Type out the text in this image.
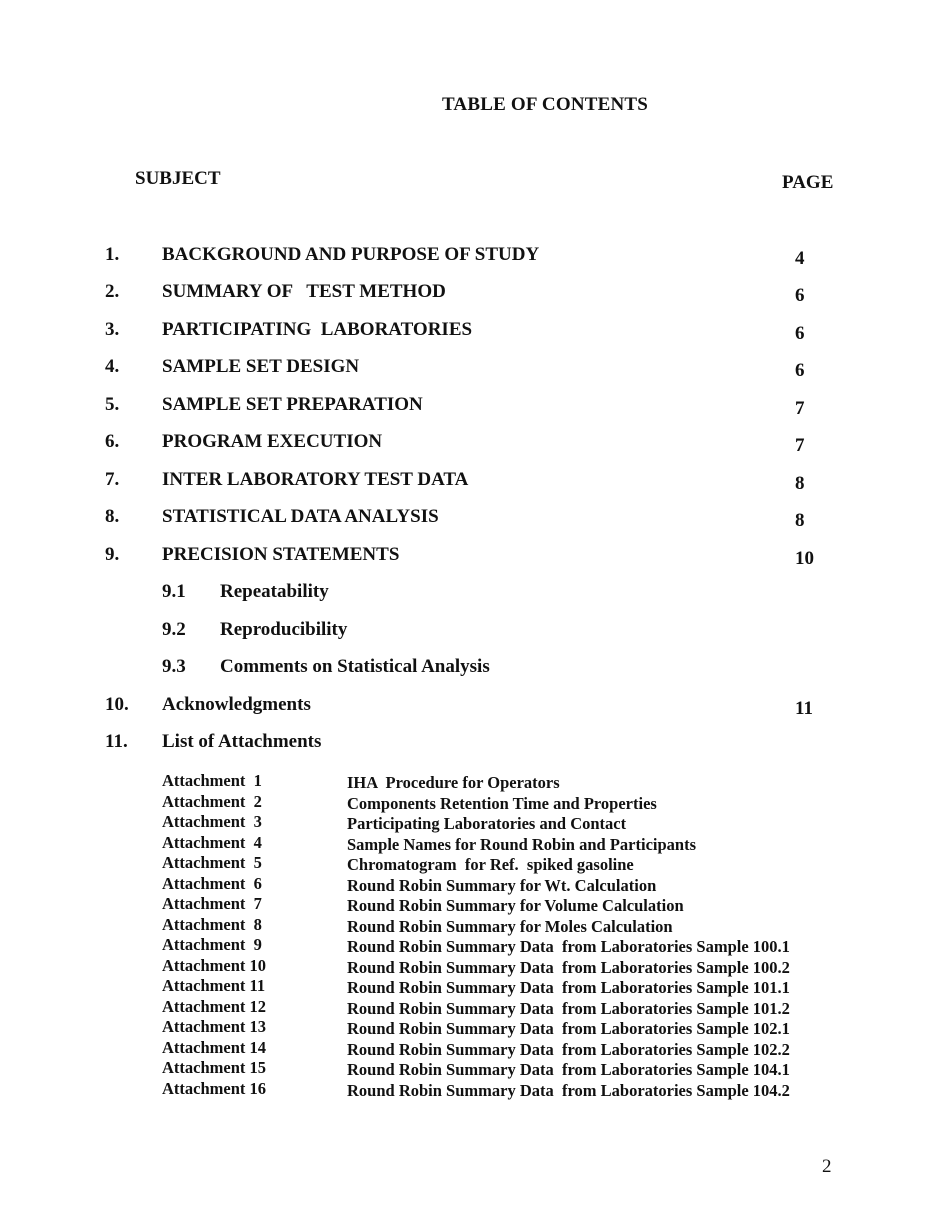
TABLE OF CONTENTS
SUBJECT	PAGE
1. BACKGROUND AND PURPOSE OF STUDY	4
2. SUMMARY OF   TEST METHOD	6
3. PARTICIPATING  LABORATORIES	6
4. SAMPLE SET DESIGN	6
5. SAMPLE SET PREPARATION	7
6. PROGRAM EXECUTION	7
7. INTER LABORATORY TEST DATA	8
8. STATISTICAL DATA ANALYSIS	8
9. PRECISION STATEMENTS	10
9.1 Repeatability
9.2 Reproducibility
9.3 Comments on Statistical Analysis
10. Acknowledgments	11
11. List of Attachments
Attachment  1	IHA  Procedure for Operators
Attachment  2	Components Retention Time and Properties
Attachment  3	Participating Laboratories and Contact
Attachment  4	Sample Names for Round Robin and Participants
Attachment  5	Chromatogram  for Ref.  spiked gasoline
Attachment  6	Round Robin Summary for Wt. Calculation
Attachment  7	Round Robin Summary for Volume Calculation
Attachment  8	Round Robin Summary for Moles Calculation
Attachment  9	Round Robin Summary Data  from Laboratories Sample 100.1
Attachment 10	Round Robin Summary Data  from Laboratories Sample 100.2
Attachment 11	Round Robin Summary Data  from Laboratories Sample 101.1
Attachment 12	Round Robin Summary Data  from Laboratories Sample 101.2
Attachment 13	Round Robin Summary Data  from Laboratories Sample 102.1
Attachment 14	Round Robin Summary Data  from Laboratories Sample 102.2
Attachment 15	Round Robin Summary Data  from Laboratories Sample 104.1
Attachment 16	Round Robin Summary Data  from Laboratories Sample 104.2
2
